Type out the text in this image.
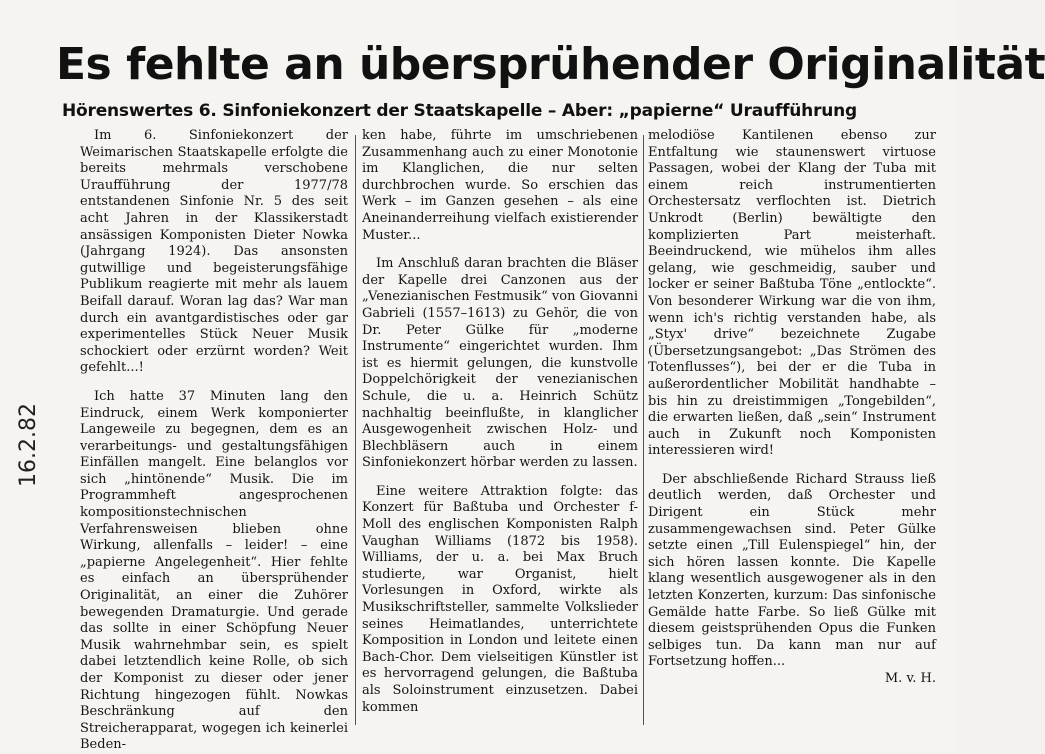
Es fehlte an übersprühender Originalität
Hörenswertes 6. Sinfoniekonzert der Staatskapelle – Aber: „papierne“ Uraufführung

Im 6. Sinfoniekonzert der Weimarischen Staatskapelle erfolgte die bereits mehrmals verschobene Uraufführung der 1977/78 entstandenen Sinfonie Nr. 5 des seit acht Jahren in der Klassikerstadt ansässigen Komponisten Dieter Nowka (Jahrgang 1924). Das ansonsten gutwillige und begeisterungsfähige Publikum reagierte mit mehr als lauem Beifall darauf. Woran lag das? War man durch ein avantgardistisches oder gar experimentelles Stück Neuer Musik schockiert oder erzürnt worden? Weit gefehlt...!

Ich hatte 37 Minuten lang den Eindruck, einem Werk komponierter Langeweile zu begegnen, dem es an verarbeitungs- und gestaltungsfähigen Einfällen mangelt. Eine belanglos vor sich „hintönende“ Musik. Die im Programmheft angesprochenen kompositionstechnischen Verfahrensweisen blieben ohne Wirkung, allenfalls – leider! – eine „papierne Angelegenheit“. Hier fehlte es einfach an übersprühender Originalität, an einer die Zuhörer bewegenden Dramaturgie. Und gerade das sollte in einer Schöpfung Neuer Musik wahrnehmbar sein, es spielt dabei letztendlich keine Rolle, ob sich der Komponist zu dieser oder jener Richtung hingezogen fühlt. Nowkas Beschränkung auf den Streicherapparat, wogegen ich keinerlei Beden-

ken habe, führte im umschriebenen Zusammenhang auch zu einer Monotonie im Klanglichen, die nur selten durchbrochen wurde. So erschien das Werk – im Ganzen gesehen – als eine Aneinanderreihung vielfach existierender Muster...

Im Anschluß daran brachten die Bläser der Kapelle drei Canzonen aus der „Venezianischen Festmusik“ von Giovanni Gabrieli (1557–1613) zu Gehör, die von Dr. Peter Gülke für „moderne Instrumente“ eingerichtet wurden. Ihm ist es hiermit gelungen, die kunstvolle Doppelchörigkeit der venezianischen Schule, die u. a. Heinrich Schütz nachhaltig beeinflußte, in klanglicher Ausgewogenheit zwischen Holz- und Blechbläsern auch in einem Sinfoniekonzert hörbar werden zu lassen.

Eine weitere Attraktion folgte: das Konzert für Baßtuba und Orchester f-Moll des englischen Komponisten Ralph Vaughan Williams (1872 bis 1958). Williams, der u. a. bei Max Bruch studierte, war Organist, hielt Vorlesungen in Oxford, wirkte als Musikschriftsteller, sammelte Volkslieder seines Heimatlandes, unterrichtete Komposition in London und leitete einen Bach-Chor. Dem vielseitigen Künstler ist es hervorragend gelungen, die Baßtuba als Soloinstrument einzusetzen. Dabei kommen

melodiöse Kantilenen ebenso zur Entfaltung wie staunenswert virtuose Passagen, wobei der Klang der Tuba mit einem reich instrumentierten Orchestersatz verflochten ist. Dietrich Unkrodt (Berlin) bewältigte den komplizierten Part meisterhaft. Beeindruckend, wie mühelos ihm alles gelang, wie geschmeidig, sauber und locker er seiner Baßtuba Töne „entlockte“. Von besonderer Wirkung war die von ihm, wenn ich's richtig verstanden habe, als „Styx' drive“ bezeichnete Zugabe (Übersetzungsangebot: „Das Strömen des Totenflusses“), bei der er die Tuba in außerordentlicher Mobilität handhabte – bis hin zu dreistimmigen „Tongebilden“, die erwarten ließen, daß „sein“ Instrument auch in Zukunft noch Komponisten interessieren wird!

Der abschließende Richard Strauss ließ deutlich werden, daß Orchester und Dirigent ein Stück mehr zusammengewachsen sind. Peter Gülke setzte einen „Till Eulenspiegel“ hin, der sich hören lassen konnte. Die Kapelle klang wesentlich ausgewogener als in den letzten Konzerten, kurzum: Das sinfonische Gemälde hatte Farbe. So ließ Gülke mit diesem geistsprühenden Opus die Funken selbiges tun. Da kann man nur auf Fortsetzung hoffen...

M. v. H.
16.2.82
